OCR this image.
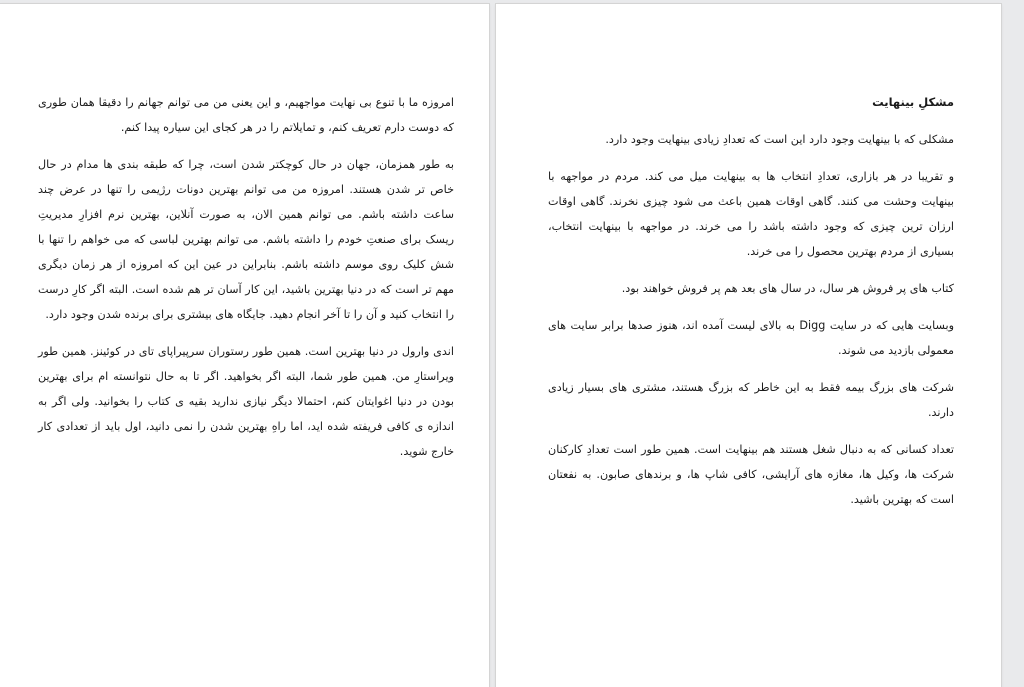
امروزه ما با تنوع بی نهایت مواجهیم، و این یعنی من می توانم جهانم را دقیقا همان طوری که دوست دارم تعریف کنم، و تمایلاتم را در هر کجای این سیاره پیدا کنم.

به طور همزمان، جهان در حال کوچکتر شدن است، چرا که طبقه بندی ها مدام در حال خاص تر شدن هستند. امروزه من می توانم بهترین دونات رژیمی را تنها در عرض چند ساعت داشته باشم. می توانم همین الان، به صورت آنلاین، بهترین نرم افزارِ مدیریتِ ریسک برای صنعتِ خودم را داشته باشم. می توانم بهترین لباسی که می خواهم را تنها با شش کلیک روی موسم داشته باشم. بنابراین در عین این که امروزه از هر زمان دیگری مهم تر است که در دنیا بهترین باشید، این کار آسان تر هم شده است. البته اگر کارِ درست را انتخاب کنید و آن را تا آخر انجام دهید. جایگاه های بیشتری برای برنده شدن وجود دارد.

اندی وارول در دنیا بهترین است. همین طور رستوران سرپیراپای تای در کوئینز. همین طور ویراستارِ من. همین طور شما، البته اگر بخواهید. اگر تا به حال نتوانسته ام برای بهترین بودن در دنیا اغوایتان کنم، احتمالا دیگر نیازی ندارید بقیه ی کتاب را بخوانید. ولی اگر به اندازه ی کافی فریفته شده اید، اما راهِ بهترین شدن را نمی دانید، اول باید از تعدادی کار خارج شوید.

مشکلِ بینهایت

مشکلی که با بینهایت وجود دارد این است که تعدادِ زیادی بینهایت وجود دارد.

و تقریبا در هر بازاری، تعدادِ انتخاب ها به بینهایت میل می کند. مردم در مواجهه با بینهایت وحشت می کنند. گاهی اوقات همین باعث می شود چیزی نخرند. گاهی اوقات ارزان ترین چیزی که وجود داشته باشد را می خرند. در مواجهه با بینهایت انتخاب، بسیاری از مردم بهترین محصول را می خرند.

کتاب های پر فروش هر سال، در سال های بعد هم پر فروش خواهند بود.

وبسایت هایی که در سایت Digg به بالای لیست آمده اند، هنوز صدها برابر سایت های معمولی بازدید می شوند.

شرکت های بزرگ بیمه فقط به این خاطر که بزرگ هستند، مشتری های بسیار زیادی دارند.

تعداد کسانی که به دنبال شغل هستند هم بینهایت است. همین طور است تعدادِ کارکنان شرکت ها، وکیل ها، مغازه های آرایشی، کافی شاپ ها، و برندهای صابون. به نفعتان است که بهترین باشید.
